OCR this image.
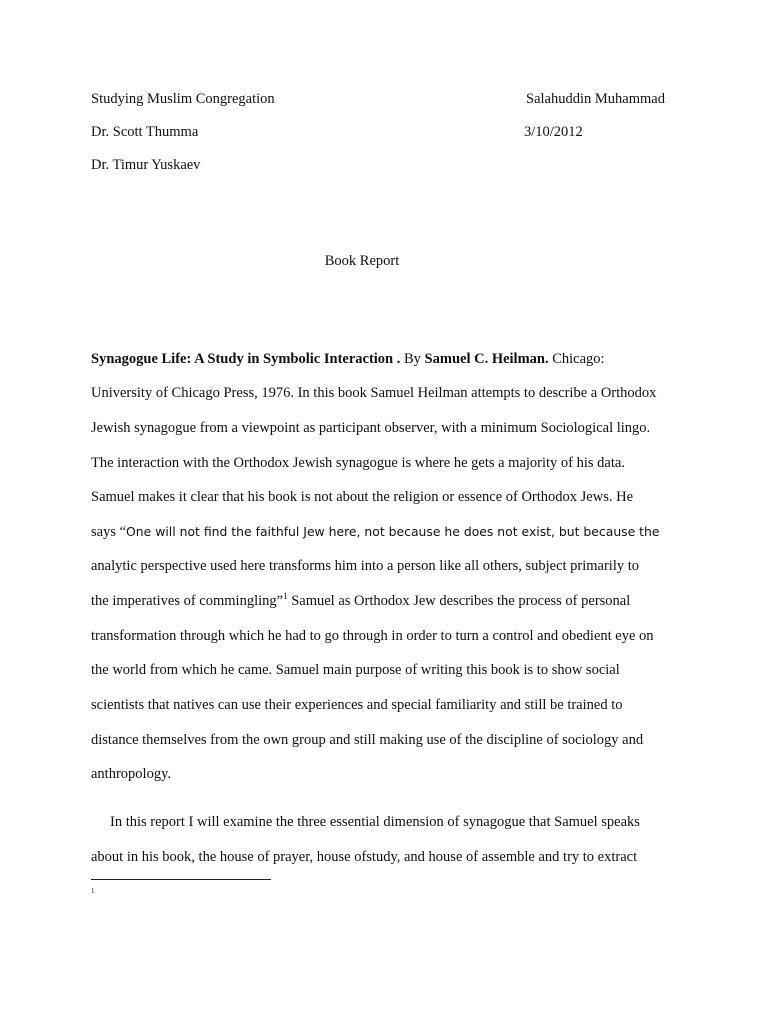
Studying Muslim Congregation	Salahuddin Muhammad
Dr. Scott Thumma	3/10/2012
Dr. Timur Yuskaev
Book Report
Synagogue Life: A Study in Symbolic Interaction . By Samuel C. Heilman. Chicago:
University of Chicago Press, 1976. In this book Samuel Heilman attempts to describe a Orthodox
Jewish synagogue from a viewpoint as participant observer, with a minimum Sociological lingo.
The interaction with the Orthodox Jewish synagogue is where he gets a majority of his data.
Samuel makes it clear that his book is not about the religion or essence of Orthodox Jews. He
says “One will not find the faithful Jew here, not because he does not exist, but because the
analytic perspective used here transforms him into a person like all others, subject primarily to
the imperatives of commingling”$^1$ Samuel as Orthodox Jew describes the process of personal
transformation through which he had to go through in order to turn a control and obedient eye on
the world from which he came. Samuel main purpose of writing this book is to show social
scientists that natives can use their experiences and special familiarity and still be trained to
distance themselves from the own group and still making use of the discipline of sociology and
anthropology.
In this report I will examine the three essential dimension of synagogue that Samuel speaks
about in his book, the house of prayer, house ofstudy, and house of assemble and try to extract
1
